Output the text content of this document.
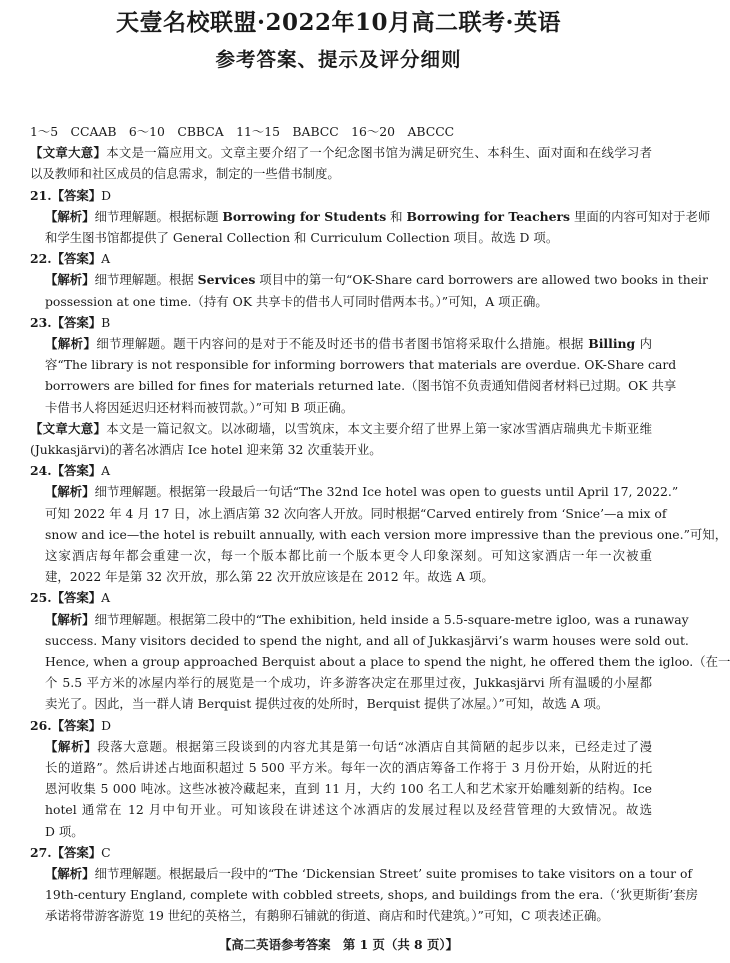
天壹名校联盟·2022年10月高二联考·英语
参考答案、提示及评分细则
1～5　CCAAB　6～10　CBBCA　11～15　BABCC　16～20　ABCCC
【文章大意】本文是一篇应用文。文章主要介绍了一个纪念图书馆为满足研究生、本科生、面对面和在线学习者
以及教师和社区成员的信息需求，制定的一些借书制度。
21.【答案】D
【解析】细节理解题。根据标题 Borrowing for Students 和 Borrowing for Teachers 里面的内容可知对于老师
和学生图书馆都提供了 General Collection 和 Curriculum Collection 项目。故选 D 项。
22.【答案】A
【解析】细节理解题。根据 Services 项目中的第一句“OK-Share card borrowers are allowed two books in their
possession at one time.（持有 OK 共享卡的借书人可同时借两本书。）”可知，A 项正确。
23.【答案】B
【解析】细节理解题。题干内容问的是对于不能及时还书的借书者图书馆将采取什么措施。根据 Billing 内
容“The library is not responsible for informing borrowers that materials are overdue. OK-Share card
borrowers are billed for fines for materials returned late.（图书馆不负责通知借阅者材料已过期。OK 共享
卡借书人将因延迟归还材料而被罚款。）”可知 B 项正确。
【文章大意】本文是一篇记叙文。以冰砌墙，以雪筑床，本文主要介绍了世界上第一家冰雪酒店瑞典尤卡斯亚维
(Jukkasjärvi)的著名冰酒店 Ice hotel 迎来第 32 次重装开业。
24.【答案】A
【解析】细节理解题。根据第一段最后一句话“The 32nd Ice hotel was open to guests until April 17, 2022.”
可知 2022 年 4 月 17 日，冰上酒店第 32 次向客人开放。同时根据“Carved entirely from ‘Snice’—a mix of
snow and ice—the hotel is rebuilt annually, with each version more impressive than the previous one.”可知，
这家酒店每年都会重建一次，每一个版本都比前一个版本更令人印象深刻。可知这家酒店一年一次被重
建，2022 年是第 32 次开放，那么第 22 次开放应该是在 2012 年。故选 A 项。
25.【答案】A
【解析】细节理解题。根据第二段中的“The exhibition, held inside a 5.5-square-metre igloo, was a runaway
success. Many visitors decided to spend the night, and all of Jukkasjärvi’s warm houses were sold out.
Hence, when a group approached Berquist about a place to spend the night, he offered them the igloo.（在一
个 5.5 平方米的冰屋内举行的展览是一个成功，许多游客决定在那里过夜，Jukkasjärvi 所有温暖的小屋都
卖光了。因此，当一群人请 Berquist 提供过夜的处所时，Berquist 提供了冰屋。）”可知，故选 A 项。
26.【答案】D
【解析】段落大意题。根据第三段谈到的内容尤其是第一句话“冰酒店自其简陋的起步以来，已经走过了漫
长的道路”。然后讲述占地面积超过 5 500 平方米。每年一次的酒店筹备工作将于 3 月份开始，从附近的托
恩河收集 5 000 吨冰。这些冰被冷藏起来，直到 11 月，大约 100 名工人和艺术家开始雕刻新的结构。Ice
hotel 通常在 12 月中旬开业。可知该段在讲述这个冰酒店的发展过程以及经营管理的大致情况。故选
D 项。
27.【答案】C
【解析】细节理解题。根据最后一段中的“The ‘Dickensian Street’ suite promises to take visitors on a tour of
19th-century England, complete with cobbled streets, shops, and buildings from the era.（‘狄更斯街’套房
承诺将带游客游览 19 世纪的英格兰，有鹅卵石铺就的街道、商店和时代建筑。）”可知，C 项表述正确。
【高二英语参考答案　第 1 页（共 8 页）】
